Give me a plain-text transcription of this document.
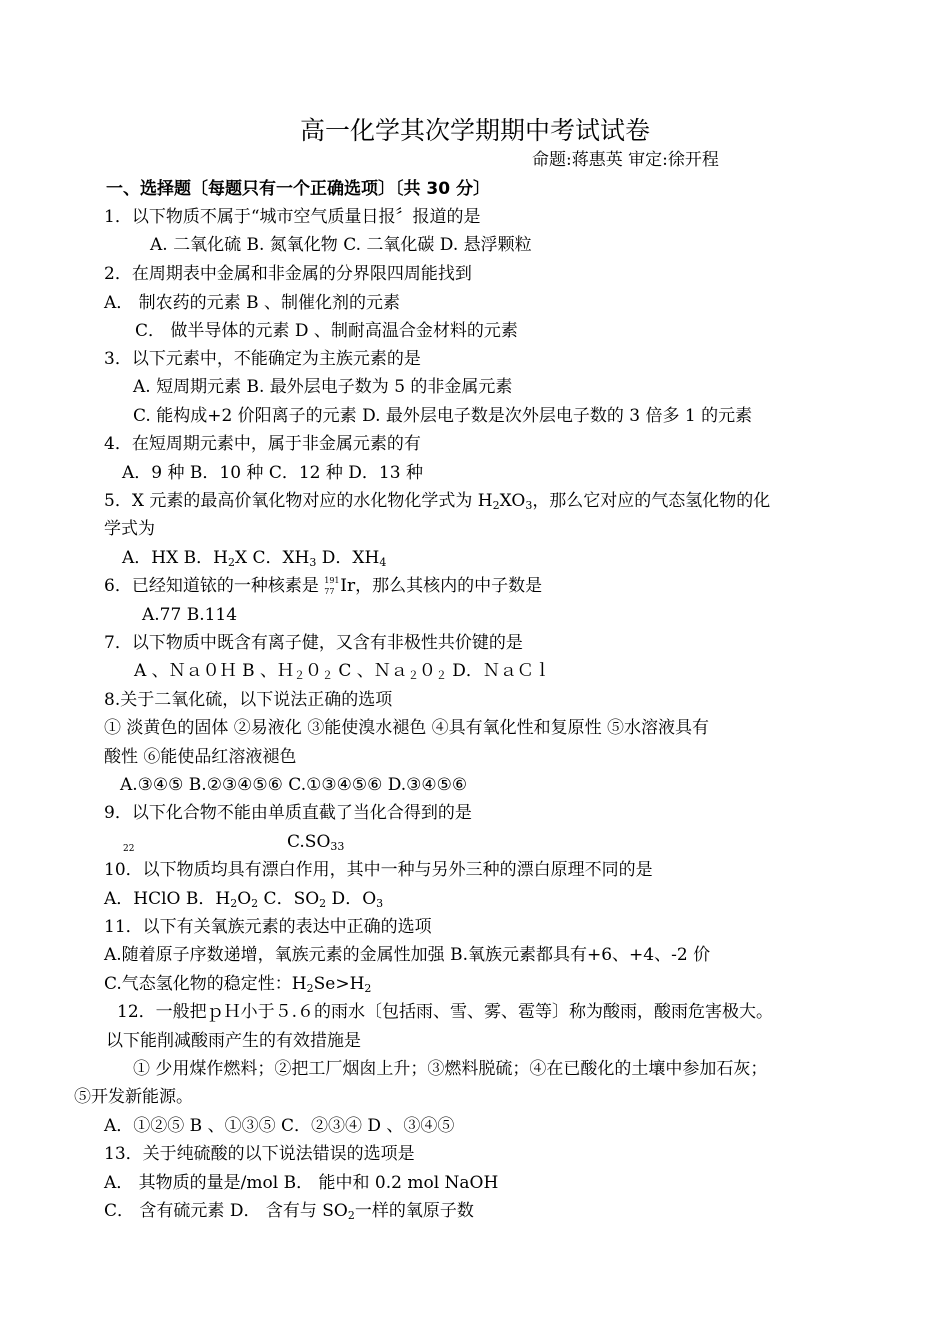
高一化学其次学期期中考试试卷
命题:蒋惠英 审定:徐开程
一、选择题〔每题只有一个正确选项〕〔共 30 分〕
1．以下物质不属于“城市空气质量日报〞报道的是
A. 二氧化硫 B. 氮氧化物 C. 二氧化碳 D. 悬浮颗粒
2．在周期表中金属和非金属的分界限四周能找到
A． 制农药的元素 B 、制催化剂的元素
C． 做半导体的元素 D 、制耐高温合金材料的元素
3．以下元素中，不能确定为主族元素的是
A. 短周期元素 B. 最外层电子数为 5 的非金属元素
C. 能构成+2 价阳离子的元素 D. 最外层电子数是次外层电子数的 3 倍多 1 的元素
4．在短周期元素中，属于非金属元素的有
A．9 种 B．10 种 C．12 种 D．13 种
5．X 元素的最高价氧化物对应的水化物化学式为 $H_2XO_3$，那么它对应的气态氢化物的化
学式为
A．HX B．$H_2X$ C．$XH_3$ D．$XH_4$
6．已经知道铱的一种核素是 191
77 Ir，那么其核内的中子数是
A.77 B.114
7．以下物质中既含有离子健，又含有非极性共价键的是
A 、Ｎａ０Ｈ B 、$H_20_2$ C 、$Na_20_2$ D．ＮａＣｌ
8.关于二氧化硫，以下说法正确的选项
① 淡黄色的固体 ②易液化 ③能使溴水褪色 ④具有氧化性和复原性 ⑤水溶液具有
酸性 ⑥能使品红溶液褪色
A.③④⑤ B.②③④⑤⑥ C.①③④⑤⑥ D.③④⑤⑥
9．以下化合物不能由单质直截了当化合得到的是
22	$C.SO_{33}$
10．以下物质均具有漂白作用，其中一种与另外三种的漂白原理不同的是
A．HClO B．$H_2O_2$ C．$SO_2$ D．$O_3$
11．以下有关氧族元素的表达中正确的选项
A.随着原子序数递增，氧族元素的金属性加强 B.氧族元素都具有+6、+4、-2 价
C.气态氢化物的稳定性：$H_2Se>H_2$
12．一般把ｐＨ小于５.６的雨水〔包括雨、雪、雾、雹等〕称为酸雨，酸雨危害极大。
以下能削减酸雨产生的有效措施是
① 少用煤作燃料；②把工厂烟囱上升；③燃料脱硫；④在已酸化的土壤中参加石灰；
⑤开发新能源。
A．①②⑤ B 、①③⑤ C．②③④ D 、③④⑤
13．关于纯硫酸的以下说法错误的选项是
A． 其物质的量是/mol B． 能中和 0.2 mol NaOH
C． 含有硫元素 D． 含有与 $SO_2$一样的氧原子数
